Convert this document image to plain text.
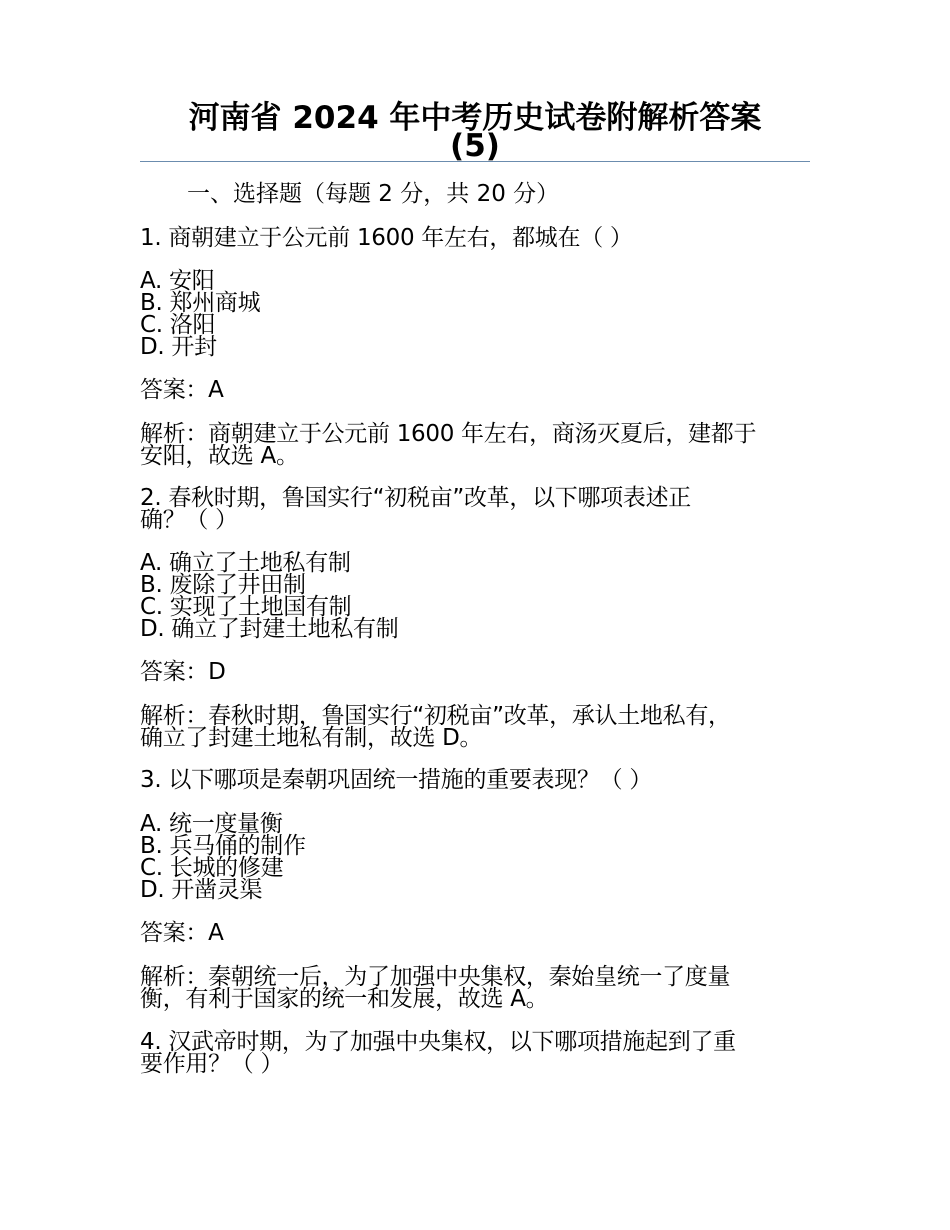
河南省 2024 年中考历史试卷附解析答案
(5)
一、选择题（每题 2 分，共 20 分）
1. 商朝建立于公元前 1600 年左右，都城在（ ）
A. 安阳
B. 郑州商城
C. 洛阳
D. 开封
答案：A
解析：商朝建立于公元前 1600 年左右，商汤灭夏后，建都于
安阳，故选 A。
2. 春秋时期，鲁国实行“初税亩”改革，以下哪项表述正
确？（ ）
A. 确立了土地私有制
B. 废除了井田制
C. 实现了土地国有制
D. 确立了封建土地私有制
答案：D
解析：春秋时期，鲁国实行“初税亩”改革，承认土地私有，
确立了封建土地私有制，故选 D。
3. 以下哪项是秦朝巩固统一措施的重要表现？（ ）
A. 统一度量衡
B. 兵马俑的制作
C. 长城的修建
D. 开凿灵渠
答案：A
解析：秦朝统一后，为了加强中央集权，秦始皇统一了度量
衡，有利于国家的统一和发展，故选 A。
4. 汉武帝时期，为了加强中央集权，以下哪项措施起到了重
要作用？（ ）
